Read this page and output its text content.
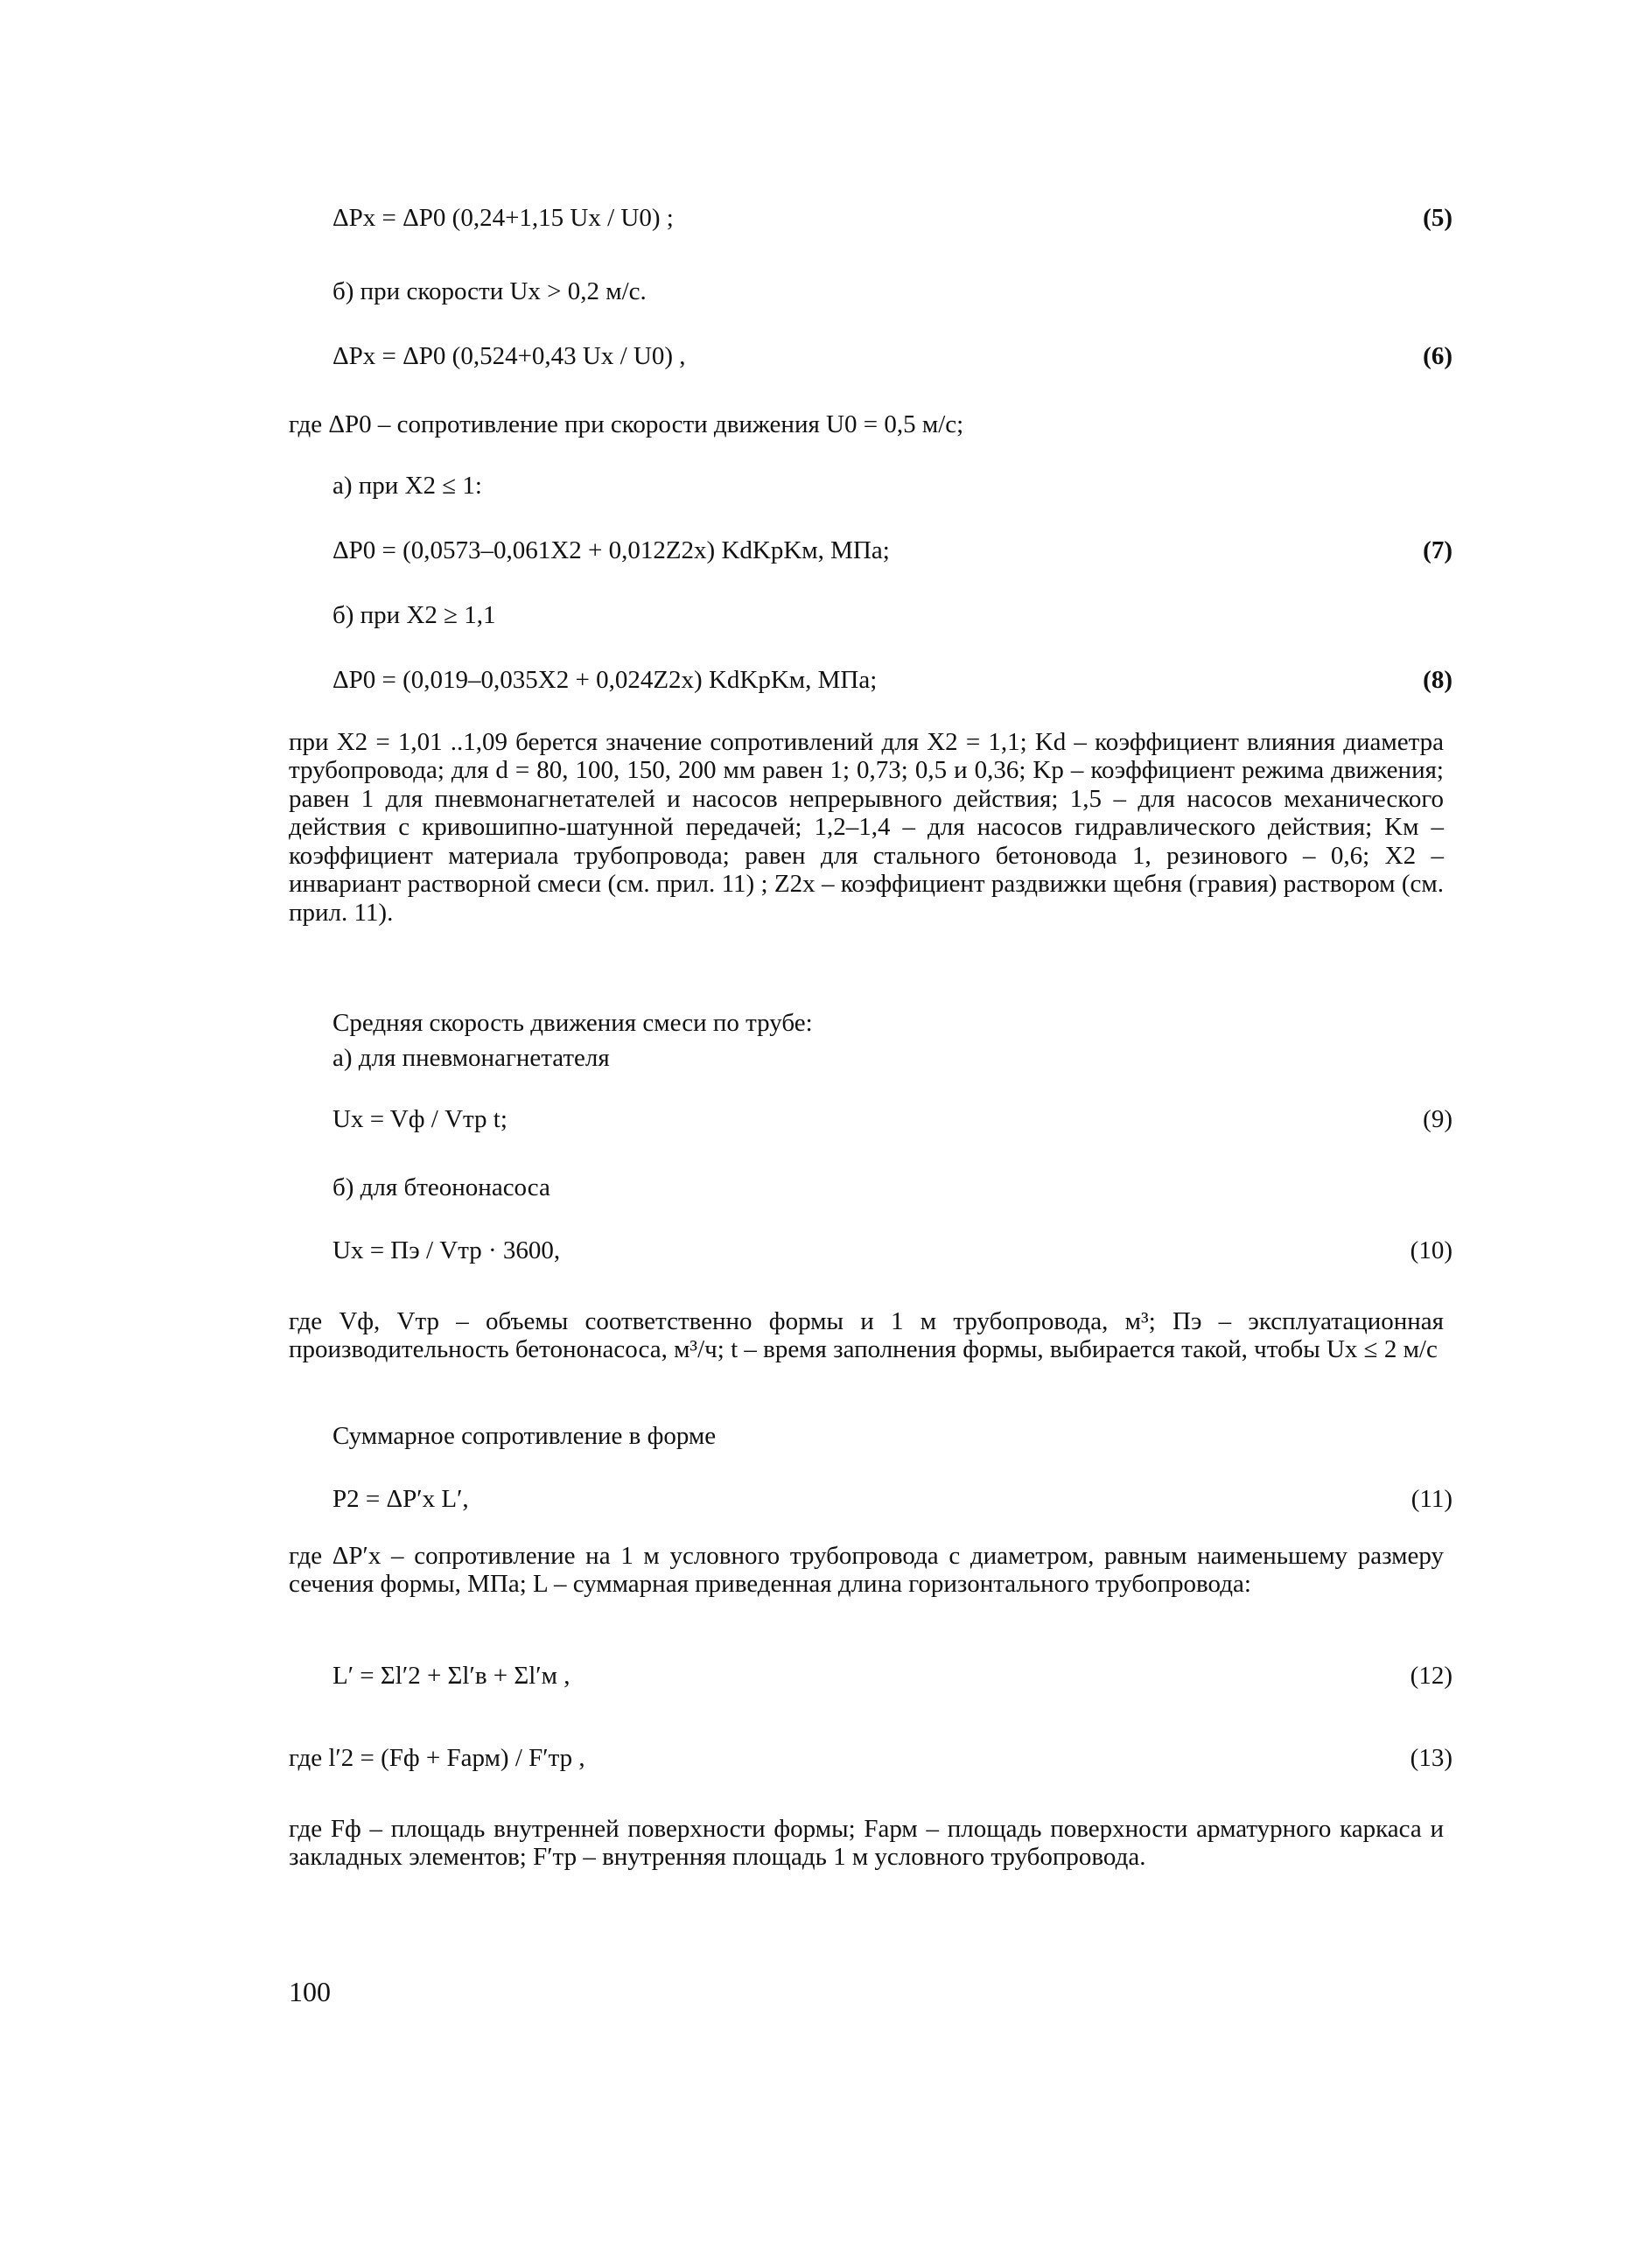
ΔPx = ΔP0 (0,24+1,15 Ux / U0) ;	(5)
б) при скорости Ux > 0,2 м/с.
ΔPx = ΔP0 (0,524+0,43 Ux / U0) ,	(6)
где ΔP0 – сопротивление при скорости движения U0 = 0,5 м/с;
а) при X2 ≤ 1:
ΔP0 = (0,0573–0,061X2 + 0,012Z2x) KdKpKм, МПа;	(7)
б) при X2 ≥ 1,1
ΔP0 = (0,019–0,035X2 + 0,024Z2x) KdKpKм, МПа;	(8)
при X2 = 1,01 ..1,09 берется значение сопротивлений для X2 = 1,1; Kd – коэффициент влияния диаметра трубопровода; для d = 80, 100, 150, 200 мм равен 1; 0,73; 0,5 и 0,36; Kp – коэффициент режима движения; равен 1 для пневмонагнетателей и насосов непрерывного действия; 1,5 – для насосов механического действия с кривошипно-шатунной передачей; 1,2–1,4 – для насосов гидравлического действия; Kм – коэффициент материала трубопровода; равен для стального бетоновода 1, резинового – 0,6; X2 – инвариант растворной смеси (см. прил. 11) ; Z2x – коэффициент раздвижки щебня (гравия) раствором (см. прил. 11).
Средняя скорость движения смеси по трубе:
а) для пневмонагнетателя
Ux = Vф / Vтр t;	(9)
б) для бтеононасоса
Ux = Пэ / Vтр · 3600,	(10)
где Vф, Vтр – объемы соответственно формы и 1 м трубопровода, м³; Пэ – эксплуатационная производительность бетононасоса, м³/ч; t – время заполнения формы, выбирается такой, чтобы Ux ≤ 2 м/с
Суммарное сопротивление в форме
P2 = ΔP′x L′,	(11)
где ΔP′x – сопротивление на 1 м условного трубопровода с диаметром, равным наименьшему размеру сечения формы, МПа; L – суммарная приведенная длина горизонтального трубопровода:
L′ = Σl′2 + Σl′в + Σl′м ,	(12)
где l′2 = (Fф + Fарм) / F′тр ,	(13)
где Fф – площадь внутренней поверхности формы; Fарм – площадь поверхности арматурного каркаса и закладных элементов; F′тр – внутренняя площадь 1 м условного трубопровода.
100
